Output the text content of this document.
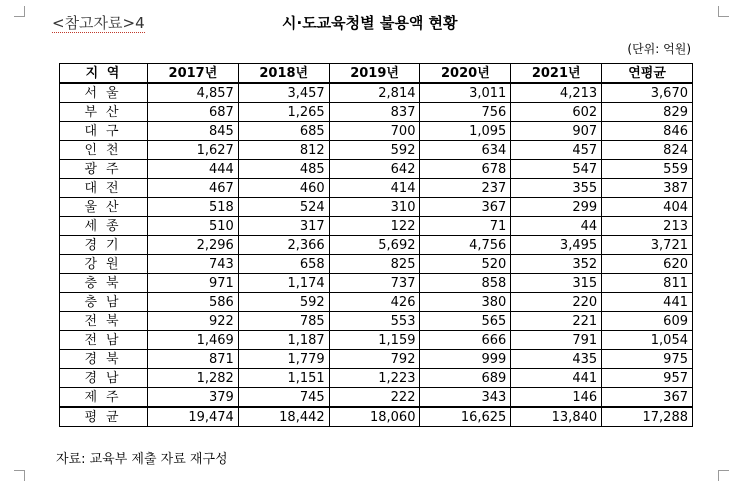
<참고자료>4	시·도교육청별 불용액 현황
(단위: 억원)
지 역	2017년	2018년	2019년	2020년	2021년	연평균
서울	4,857	3,457	2,814	3,011	4,213	3,670
부산	687	1,265	837	756	602	829
대구	845	685	700	1,095	907	846
인천	1,627	812	592	634	457	824
광주	444	485	642	678	547	559
대전	467	460	414	237	355	387
울산	518	524	310	367	299	404
세종	510	317	122	71	44	213
경기	2,296	2,366	5,692	4,756	3,495	3,721
강원	743	658	825	520	352	620
충북	971	1,174	737	858	315	811
충남	586	592	426	380	220	441
전북	922	785	553	565	221	609
전남	1,469	1,187	1,159	666	791	1,054
경북	871	1,779	792	999	435	975
경남	1,282	1,151	1,223	689	441	957
제주	379	745	222	343	146	367
평균	19,474	18,442	18,060	16,625	13,840	17,288
자료: 교육부 제출 자료 재구성
